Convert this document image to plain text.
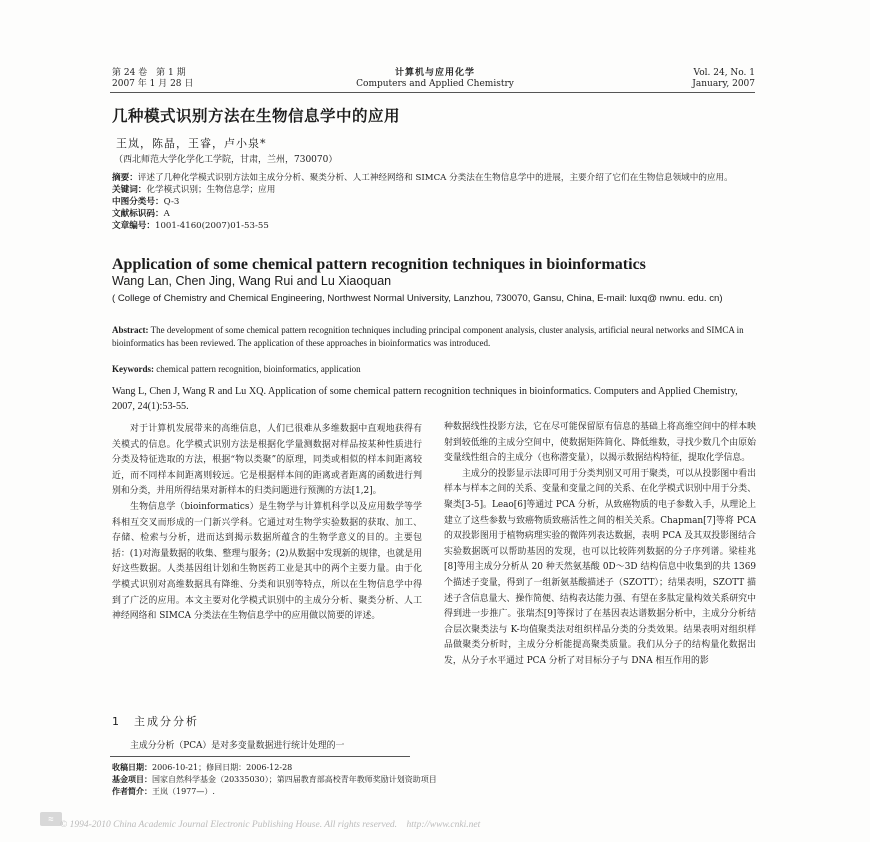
第 24 卷　第 1 期
2007 年 1 月 28 日
计算机与应用化学
Computers and Applied Chemistry
Vol. 24, No. 1
January, 2007
几种模式识别方法在生物信息学中的应用
王岚，陈晶，王睿，卢小泉*
（西北师范大学化学化工学院，甘肃，兰州，730070）
摘要：评述了几种化学模式识别方法如主成分分析、聚类分析、人工神经网络和 SIMCA 分类法在生物信息学中的进展，主要介绍了它们在生物信息领域中的应用。
关键词：化学模式识别；生物信息学；应用
中图分类号：Q-3
文献标识码：A
文章编号：1001-4160(2007)01-53-55
Application of some chemical pattern recognition techniques in bioinformatics
Wang Lan, Chen Jing, Wang Rui and Lu Xiaoquan
( College of Chemistry and Chemical Engineering, Northwest Normal University, Lanzhou, 730070, Gansu, China, E-mail: luxq@ nwnu. edu. cn)
Abstract: The development of some chemical pattern recognition techniques including principal component analysis, cluster analysis, artificial neural networks and SIMCA in bioinformatics has been reviewed. The application of these approaches in bioinformatics was introduced.
Keywords: chemical pattern recognition, bioinformatics, application
Wang L, Chen J, Wang R and Lu XQ. Application of some chemical pattern recognition techniques in bioinformatics. Computers and Applied Chemistry, 2007, 24(1):53-55.

对于计算机发展带来的高维信息，人们已很难从多维数据中直观地获得有关模式的信息。化学模式识别方法是根据化学量测数据对样品按某种性质进行分类及特征选取的方法，根据“物以类聚”的原理，同类或相似的样本间距离较近，而不同样本间距离则较远。它是根据样本间的距离或者距离的函数进行判别和分类，并用所得结果对新样本的归类问题进行预测的方法[1,2]。

生物信息学（bioinformatics）是生物学与计算机科学以及应用数学等学科相互交叉而形成的一门新兴学科。它通过对生物学实验数据的获取、加工、存储、检索与分析，进而达到揭示数据所蕴含的生物学意义的目的。主要包括：(1)对海量数据的收集、整理与服务；(2)从数据中发现新的规律，也就是用好这些数据。人类基因组计划和生物医药工业是其中的两个主要力量。由于化学模式识别对高维数据具有降维、分类和识别等特点，所以在生物信息学中得到了广泛的应用。本文主要对化学模式识别中的主成分分析、聚类分析、人工神经网络和 SIMCA 分类法在生物信息学中的应用做以简要的评述。

1　主成分分析
主成分分析（PCA）是对多变量数据进行统计处理的一

种数据线性投影方法，它在尽可能保留原有信息的基础上将高维空间中的样本映射到较低维的主成分空间中，使数据矩阵简化、降低维数，寻找少数几个由原始变量线性组合的主成分（也称潜变量），以揭示数据结构特征，提取化学信息。

主成分的投影显示法即可用于分类判别又可用于聚类，可以从投影图中看出样本与样本之间的关系、变量和变量之间的关系、在化学模式识别中用于分类、聚类[3-5]。Leao[6]等通过 PCA 分析，从致癌物质的电子参数入手，从理论上建立了这些参数与致癌物质致癌活性之间的相关关系。Chapman[7]等将 PCA 的双投影图用于植物病理实验的微阵列表达数据，表明 PCA 及其双投影图结合实验数据既可以帮助基因的发现，也可以比较阵列数据的分子序列谱。梁桂兆[8]等用主成分分析从 20 种天然氨基酸 0D～3D 结构信息中收集到的共 1369 个描述子变量，得到了一组新氨基酸描述子（SZOTT）；结果表明，SZOTT 描述子含信息量大、操作简便、结构表达能力强、有望在多肽定量构效关系研究中得到进一步推广。张瑞杰[9]等探讨了在基因表达谱数据分析中，主成分分析结合层次聚类法与 K-均值聚类法对组织样品分类的分类效果。结果表明对组织样品做聚类分析时，主成分分析能提高聚类质量。我们从分子的结构量化数据出发，从分子水平通过 PCA 分析了对目标分子与 DNA 相互作用的影

收稿日期：2006-10-21；修回日期：2006-12-28
基金项目：国家自然科学基金（20335030）；第四届教育部高校青年教师奖励计划资助项目
作者简介：王岚（1977—）.
≈
© 1994-2010 China Academic Journal Electronic Publishing House. All rights reserved.　http://www.cnki.net
